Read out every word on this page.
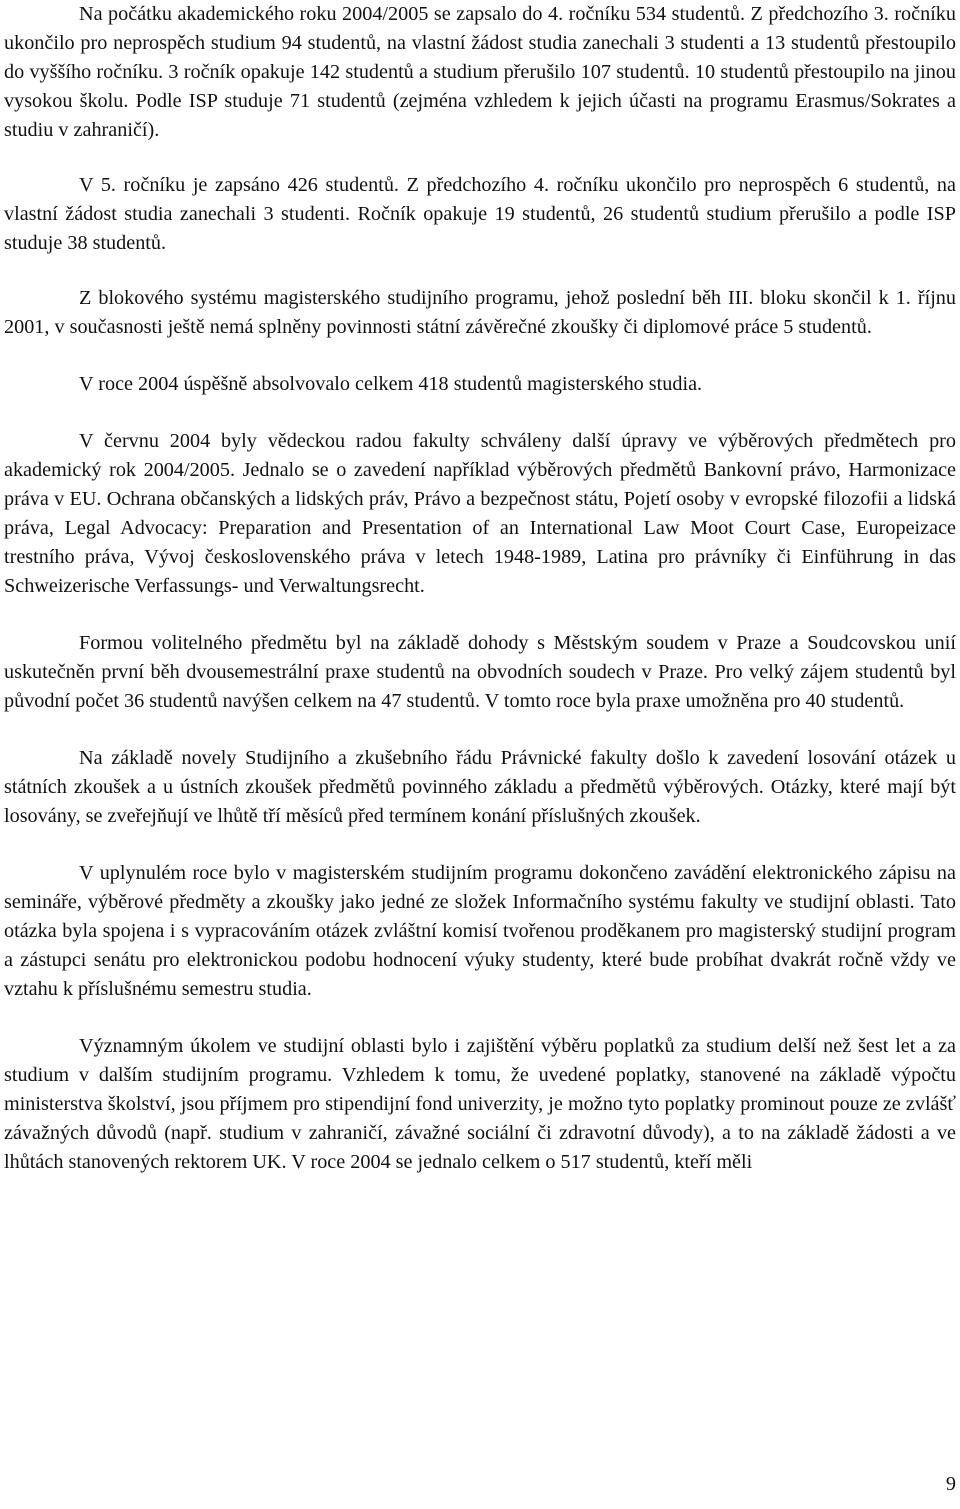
Na počátku akademického roku 2004/2005 se zapsalo do 4. ročníku 534 studentů. Z předchozího 3. ročníku ukončilo pro neprospěch studium 94 studentů, na vlastní žádost studia zanechali 3 studenti a 13 studentů přestoupilo do vyššího ročníku. 3 ročník opakuje 142 studentů a studium přerušilo 107 studentů. 10 studentů přestoupilo na jinou vysokou školu. Podle ISP studuje 71 studentů (zejména vzhledem k jejich účasti na programu Erasmus/Sokrates a studiu v zahraničí).

V 5. ročníku je zapsáno 426 studentů. Z předchozího 4. ročníku ukončilo pro neprospěch 6 studentů, na vlastní žádost studia zanechali 3 studenti. Ročník opakuje 19 studentů, 26 studentů studium přerušilo a podle ISP studuje 38 studentů.

Z blokového systému magisterského studijního programu, jehož poslední běh III. bloku skončil k 1. říjnu 2001, v současnosti ještě nemá splněny povinnosti státní závěrečné zkoušky či diplomové práce 5 studentů.

V roce 2004 úspěšně absolvovalo celkem 418 studentů magisterského studia.

V červnu 2004 byly vědeckou radou fakulty schváleny další úpravy ve výběrových předmětech pro akademický rok 2004/2005. Jednalo se o zavedení například výběrových předmětů Bankovní právo, Harmonizace práva v EU. Ochrana občanských a lidských práv, Právo a bezpečnost státu, Pojetí osoby v evropské filozofii a lidská práva, Legal Advocacy: Preparation and Presentation of an International Law Moot Court Case, Europeizace trestního práva, Vývoj československého práva v letech 1948-1989, Latina pro právníky či Einführung in das Schweizerische Verfassungs- und Verwaltungsrecht.

Formou volitelného předmětu byl na základě dohody s Městským soudem v Praze a Soudcovskou unií uskutečněn první běh dvousemestrální praxe studentů na obvodních soudech v Praze. Pro velký zájem studentů byl původní počet 36 studentů navýšen celkem na 47 studentů. V tomto roce byla praxe umožněna pro 40 studentů.

Na základě novely Studijního a zkušebního řádu Právnické fakulty došlo k zavedení losování otázek u státních zkoušek a u ústních zkoušek předmětů povinného základu a předmětů výběrových. Otázky, které mají být losovány, se zveřejňují ve lhůtě tří měsíců před termínem konání příslušných zkoušek.

V uplynulém roce bylo v magisterském studijním programu dokončeno zavádění elektronického zápisu na semináře, výběrové předměty a zkoušky jako jedné ze složek Informačního systému fakulty ve studijní oblasti. Tato otázka byla spojena i s vypracováním otázek zvláštní komisí tvořenou proděkanem pro magisterský studijní program a zástupci senátu pro elektronickou podobu hodnocení výuky studenty, které bude probíhat dvakrát ročně vždy ve vztahu k příslušnému semestru studia.

Významným úkolem ve studijní oblasti bylo i zajištění výběru poplatků za studium delší než šest let a za studium v dalším studijním programu. Vzhledem k tomu, že uvedené poplatky, stanovené na základě výpočtu ministerstva školství, jsou příjmem pro stipendijní fond univerzity, je možno tyto poplatky prominout pouze ze zvlášť závažných důvodů (např. studium v zahraničí, závažné sociální či zdravotní důvody), a to na základě žádosti a ve lhůtách stanovených rektorem UK. V roce 2004 se jednalo celkem o 517 studentů, kteří měli

9
